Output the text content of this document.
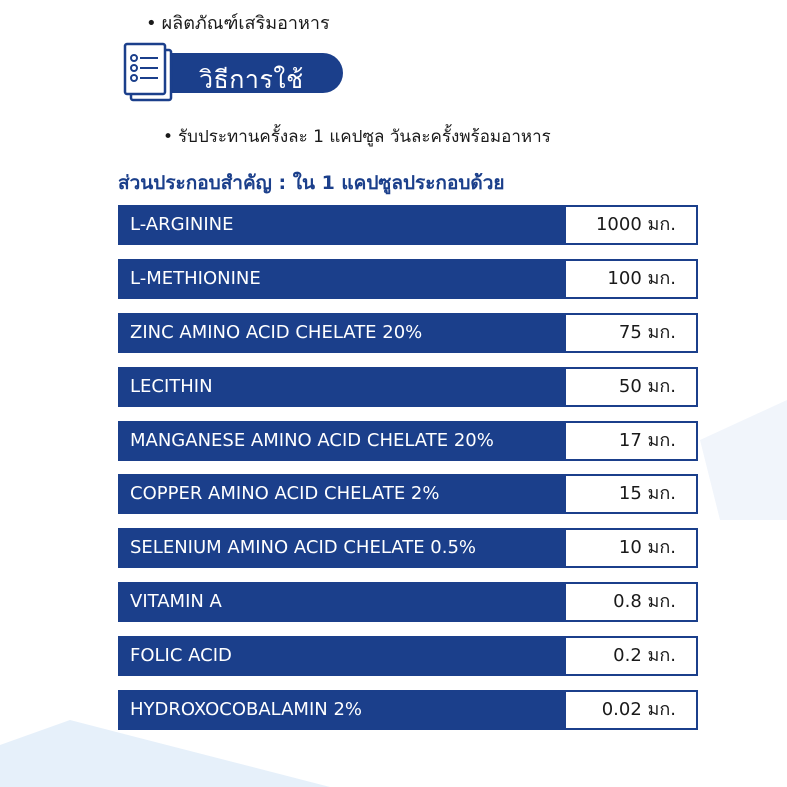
• ผลิตภัณฑ์เสริมอาหาร
วิธีการใช้
• รับประทานครั้งละ 1 แคปซูล วันละครั้งพร้อมอาหาร
ส่วนประกอบสำคัญ : ใน 1 แคปซูลประกอบด้วย
L-ARGININE	1000 มก.
L-METHIONINE	100 มก.
ZINC AMINO ACID CHELATE 20%	75 มก.
LECITHIN	50 มก.
MANGANESE AMINO ACID CHELATE 20%	17 มก.
COPPER AMINO ACID CHELATE 2%	15 มก.
SELENIUM AMINO ACID CHELATE 0.5%	10 มก.
VITAMIN A	0.8 มก.
FOLIC ACID	0.2 มก.
HYDROXOCOBALAMIN 2%	0.02 มก.
